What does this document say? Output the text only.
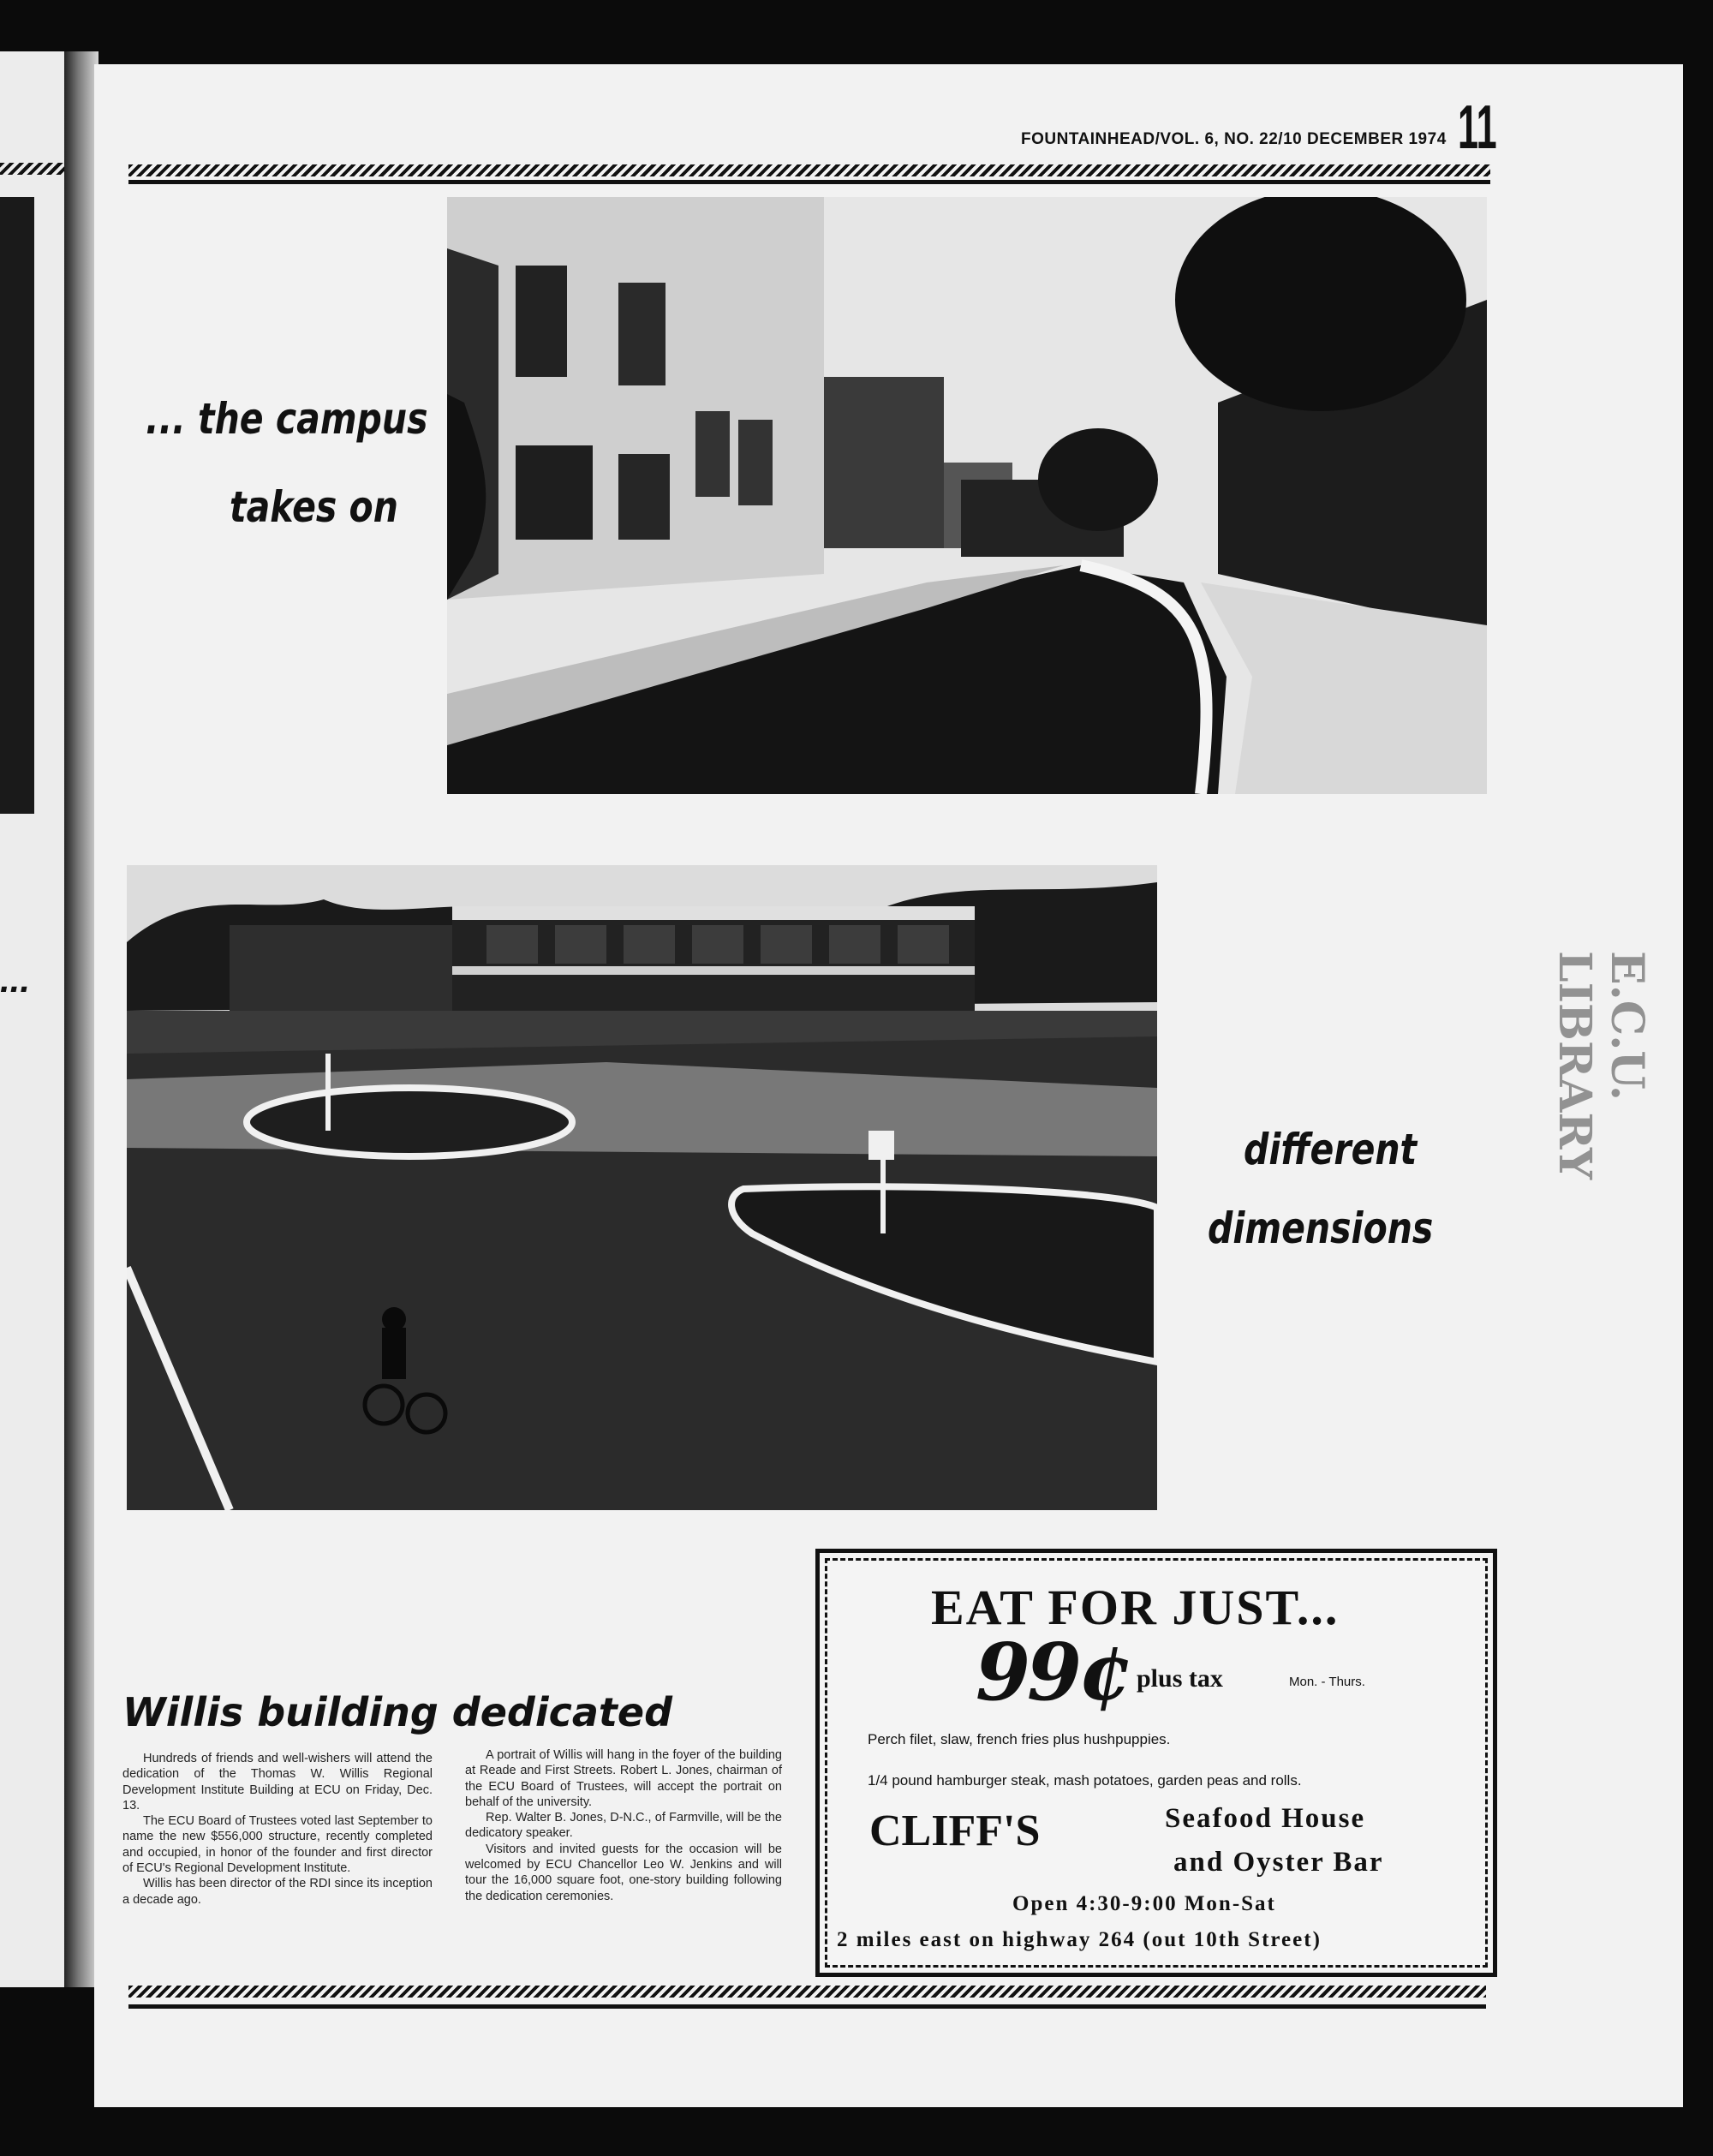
...
FOUNTAINHEAD/VOL. 6, NO. 22/10 DECEMBER 1974 11
... the campus
takes on
different
dimensions
Willis building dedicated

Hundreds of friends and well-wishers will attend the dedication of the Thomas W. Willis Regional Development Institute Building at ECU on Friday, Dec. 13.

The ECU Board of Trustees voted last September to name the new $556,000 structure, recently completed and occupied, in honor of the founder and first director of ECU's Regional Development Institute.

Willis has been director of the RDI since its inception a decade ago.

A portrait of Willis will hang in the foyer of the building at Reade and First Streets. Robert L. Jones, chairman of the ECU Board of Trustees, will accept the portrait on behalf of the university.

Rep. Walter B. Jones, D-N.C., of Farmville, will be the dedicatory speaker.

Visitors and invited guests for the occasion will be welcomed by ECU Chancellor Leo W. Jenkins and will tour the 16,000 square foot, one-story building following the dedication ceremonies.

EAT FOR JUST...
99¢ plus tax	Mon. - Thurs.
Perch filet, slaw, french fries plus hushpuppies.
1/4 pound hamburger steak, mash potatoes, garden peas and rolls.
CLIFF'S	Seafood House
and Oyster Bar
Open 4:30-9:00 Mon-Sat
2 miles east on highway 264 (out 10th Street)
E.C.U. LIBRARY
